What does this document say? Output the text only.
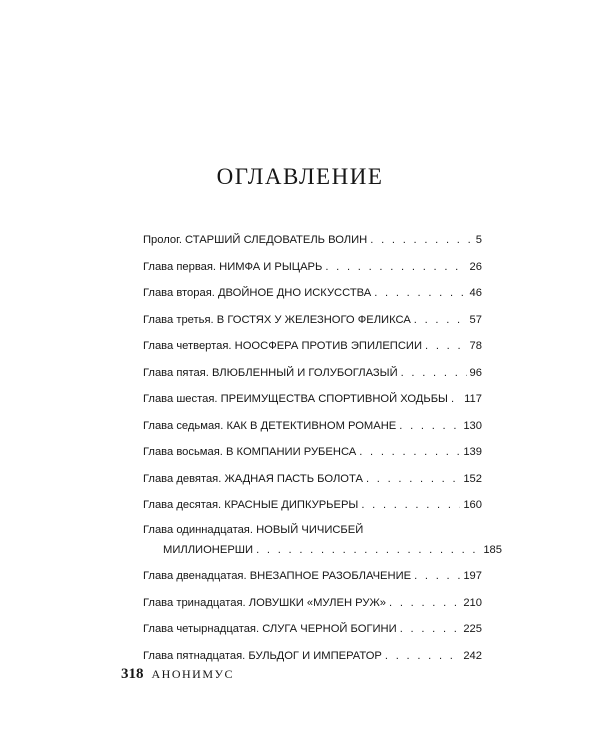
ОГЛАВЛЕНИЕ
Пролог. СТАРШИЙ СЛЕДОВАТЕЛЬ ВОЛИН . . .	5
Глава первая. НИМФА И РЫЦАРЬ . . .	26
Глава вторая. ДВОЙНОЕ ДНО ИСКУССТВА . . .	46
Глава третья. В ГОСТЯХ У ЖЕЛЕЗНОГО ФЕЛИКСА . . .	57
Глава четвертая. НООСФЕРА ПРОТИВ ЭПИЛЕПСИИ . . .	78
Глава пятая. ВЛЮБЛЕННЫЙ И ГОЛУБОГЛАЗЫЙ . . .	96
Глава шестая. ПРЕИМУЩЕСТВА СПОРТИВНОЙ ХОДЬБЫ . . . 117
Глава седьмая. КАК В ДЕТЕКТИВНОМ РОМАНЕ . . .	130
Глава восьмая. В КОМПАНИИ РУБЕНСА . . .	139
Глава девятая. ЖАДНАЯ ПАСТЬ БОЛОТА . . .	152
Глава десятая. КРАСНЫЕ ДИПКУРЬЕРЫ . . .	160
Глава одиннадцатая. НОВЫЙ ЧИЧИСБЕЙ
МИЛЛИОНЕРШИ . . .	185
Глава двенадцатая. ВНЕЗАПНОЕ РАЗОБЛАЧЕНИЕ . . .	197
Глава тринадцатая. ЛОВУШКИ «МУЛЕН РУЖ» . . .	210
Глава четырнадцатая. СЛУГА ЧЕРНОЙ БОГИНИ . . .	225
Глава пятнадцатая. БУЛЬДОГ И ИМПЕРАТОР . . .	242
318 АНОНИМУС
